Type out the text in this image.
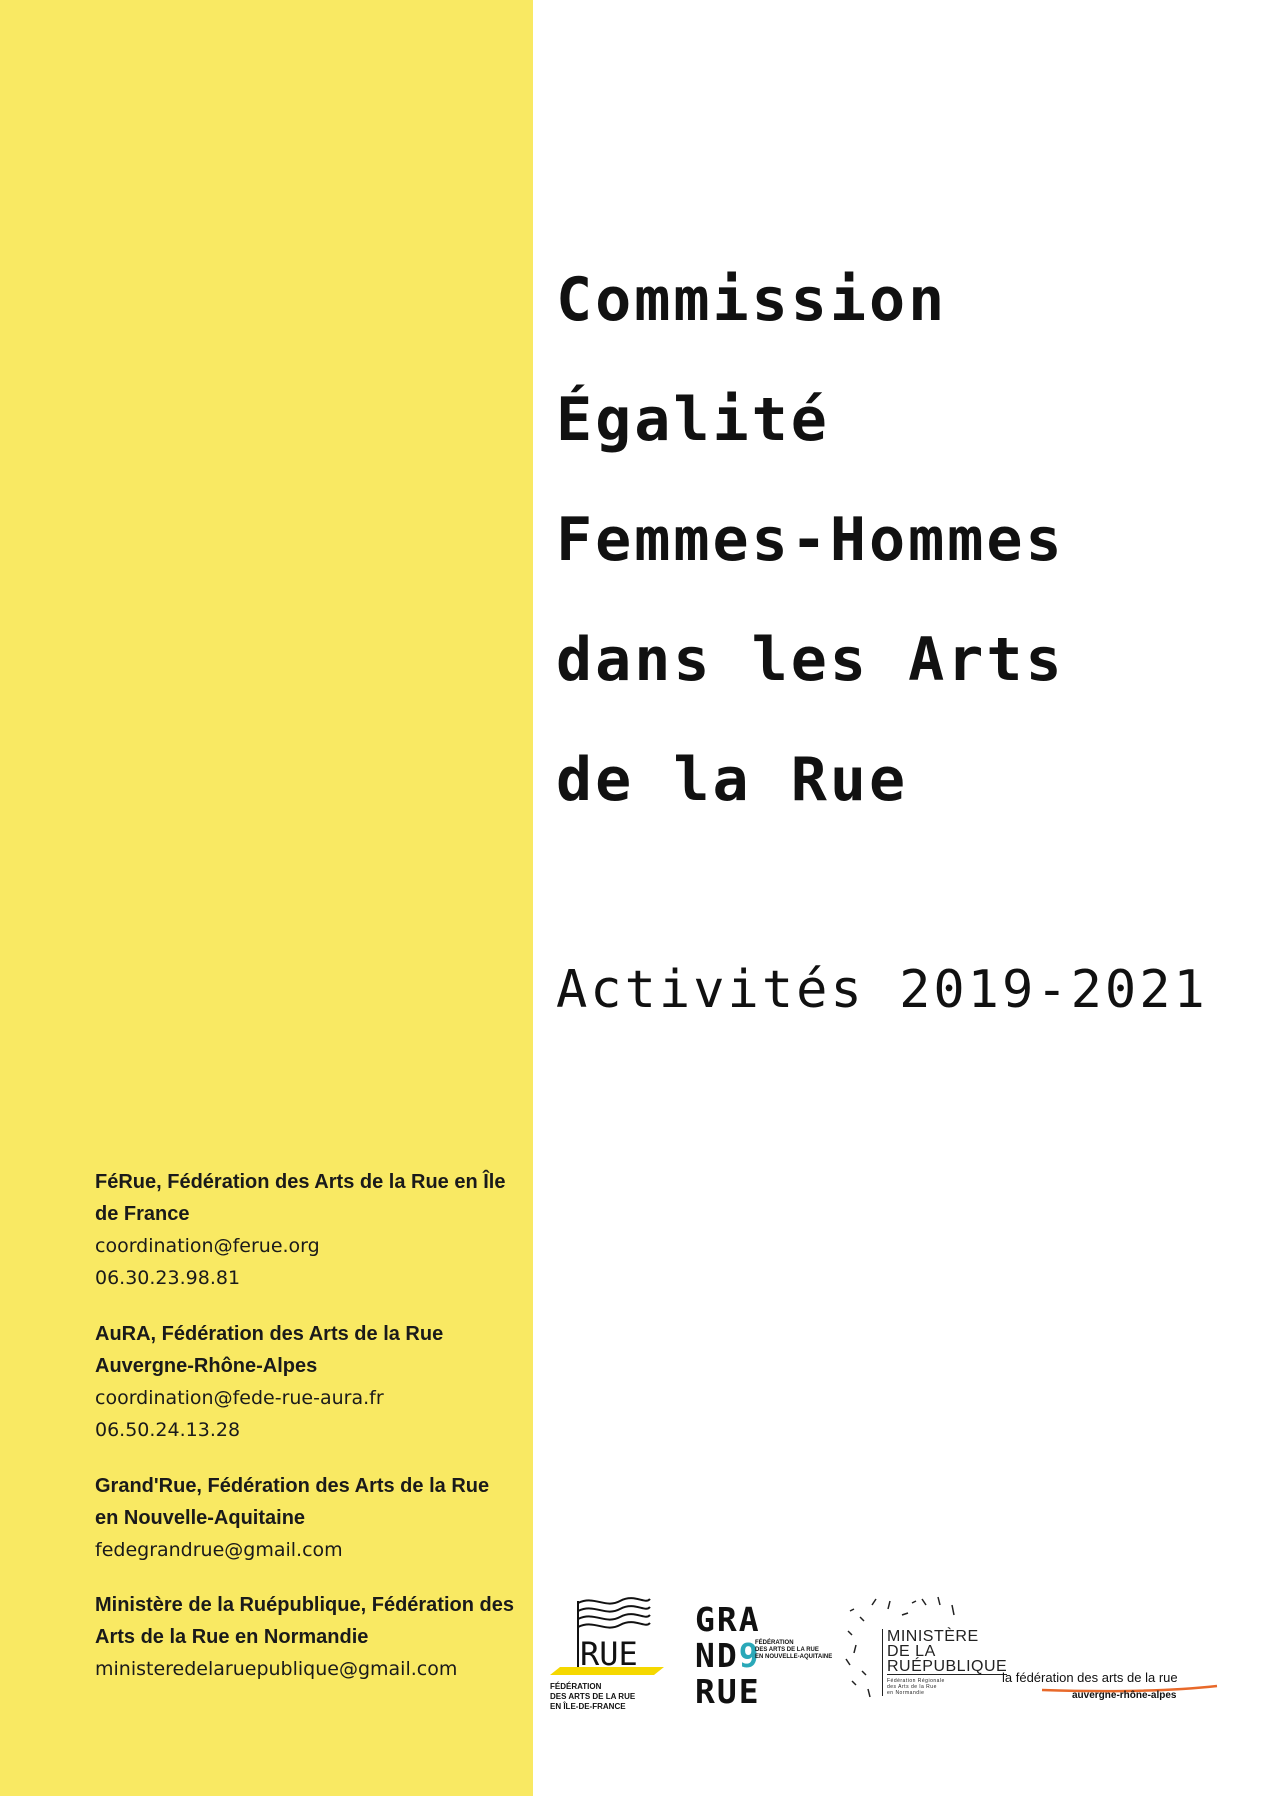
FéRue, Fédération des Arts de la Rue en Île de France

coordination@ferue.org

06.30.23.98.81

AuRA, Fédération des Arts de la Rue Auvergne-Rhône-Alpes

coordination@fede-rue-aura.fr

06.50.24.13.28

Grand'Rue, Fédération des Arts de la Rue en Nouvelle-Aquitaine

fedegrandrue@gmail.com

Ministère de la Ruépublique, Fédération des Arts de la Rue en Normandie

ministeredelaruepublique@gmail.com

Commission
Égalité
Femmes-Hommes
dans les Arts
de la Rue
Activités 2019-2021
RUE
FÉDÉRATION
DES ARTS DE LA RUE
EN ÎLE-DE-FRANCE
GRA
ND9
RUE
FÉDÉRATION
DES ARTS DE LA RUE
EN NOUVELLE-AQUITAINE
MINISTÈRE
DE LA
RUÉPUBLIQUE
Fédération Régionale
des Arts de la Rue
en Normandie
la fédération des arts de la rue
auvergne-rhône-alpes
